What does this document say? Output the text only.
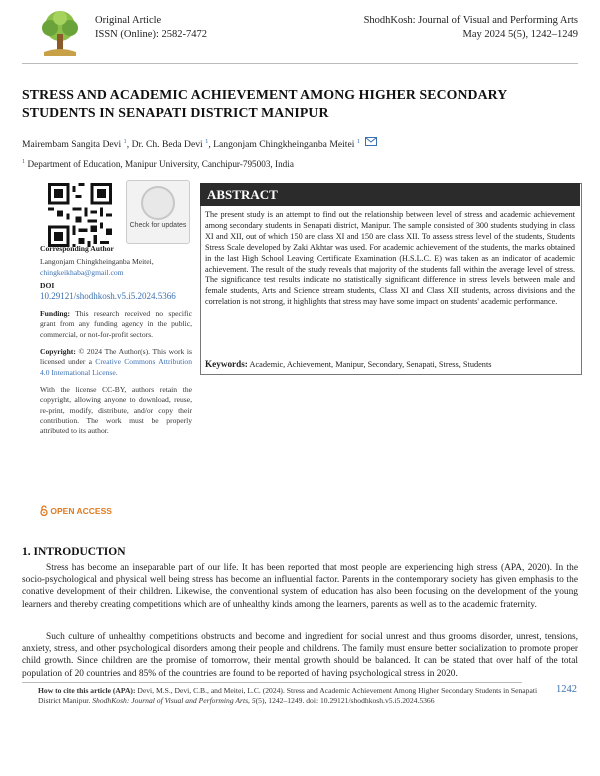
Original Article
ISSN (Online): 2582-7472
ShodhKosh: Journal of Visual and Performing Arts
May 2024 5(5), 1242–1249
STRESS AND ACADEMIC ACHIEVEMENT AMONG HIGHER SECONDARY STUDENTS IN SENAPATI DISTRICT MANIPUR
Mairembam Sangita Devi $^1$, Dr. Ch. Beda Devi $^1$, Langonjam Chingkheinganba Meitei $^1$
$^1$ Department of Education, Manipur University, Canchipur-795003, India
Check for updates
Corresponding Author
Langonjam Chingkheinganba Meitei,
chingkeikhaba@gmail.com
DOI
10.29121/shodhkosh.v5.i5.2024.5366
Funding: This research received no specific grant from any funding agency in the public, commercial, or not-for-profit sectors.
Copyright: © 2024 The Author(s). This work is licensed under a Creative Commons Attribution 4.0 International License.
With the license CC-BY, authors retain the copyright, allowing anyone to download, reuse, re-print, modify, distribute, and/or copy their contribution. The work must be properly attributed to its author.
OPEN ACCESS
ABSTRACT
The present study is an attempt to find out the relationship between level of stress and academic achievement among secondary students in Senapati district, Manipur. The sample consisted of 300 students studying in class XI and XII, out of which 150 are class XI and 150 are class XII. To assess stress level of the students, Students Stress Scale developed by Zaki Akhtar was used. For academic achievement of the students, the marks obtained in the last High School Leaving Certificate Examination (H.S.L.C. E) was taken as an indicator of academic achievement. The result of the study reveals that majority of the students fall within the average level of stress. The significance test results indicate no statistically significant difference in stress levels between male and female students, Arts and Science stream students, Class XI and Class XII students, across divisions and the correlation is not strong, it highlights that stress may have some impact on students' academic performance.
Keywords: Academic, Achievement, Manipur, Secondary, Senapati, Stress, Students
1. INTRODUCTION
Stress has become an inseparable part of our life. It has been reported that most people are experiencing high stress (APA, 2020). In the socio-psychological and physical well being stress has become an influential factor. Parents in the contemporary society has given emphasis to the conative development of their children. Likewise, the conventional system of education has also been focusing on the development of the young learners and thereby creating competitions which are of unhealthy kinds among the learners, parents as well as to the academic fraternity.
Such culture of unhealthy competitions obstructs and become and ingredient for social unrest and thus grooms disorder, unrest, tensions, anxiety, stress, and other psychological disorders among their people and childrens. The family must ensure better socialization to promote proper child growth. Since children are the promise of tomorrow, their mental growth should be balanced. It can be stated that over half of the total population of 20 countries and 85% of the countries are found to be reported of having psychological stress in 2020.
How to cite this article (APA): Devi, M.S., Devi, C.B., and Meitei, L.C. (2024). Stress and Academic Achievement Among Higher Secondary Students in Senapati District Manipur. ShodhKosh: Journal of Visual and Performing Arts, 5(5), 1242–1249. doi: 10.29121/shodhkosh.v5.i5.2024.5366
1242
